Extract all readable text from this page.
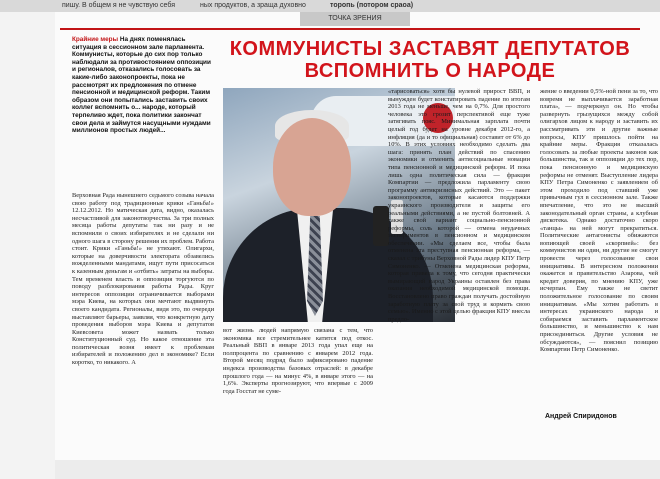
пишу. В общем я не чувствую себя	ных продуктов, а зраща духовно	торопь (потором сраоа)
ТОЧКА ЗРЕНИЯ
Крайние меры На днях поменялась ситуация в сессионном зале парламента. Коммунисты, которые до сих пор только наблюдали за противостоянием оппозиции и регионалов, отказались голосовать за какие-либо законопроекты, пока не рассмотрят их предложения по отмене пенсионной и медицинской реформ. Таким образом они попытались заставить своих коллег вспомнить о... народе, который терпеливо ждет, пока политики закончат свои дела и займутся насущными нуждами миллионов простых людей...
КОММУНИСТЫ ЗАСТАВЯТ ДЕПУТАТОВ ВСПОМНИТЬ О НАРОДЕ
Верховная Рада нынешнего седьмого созыва начала свою работу под традиционные крики «Ганьба!» 12.12.2012. Но матическая дата, видно, оказалась несчастливой для законотворчества. За три полных месяца работы депутаты так ни разу и не вспомнили о своих избирателях и не сделали ни одного шага в сторону решения их проблем. Работа стоит. Крики «Ганьба!» не утихают. Олигархи, которые на доверчивости электората обзавелись вожделенными мандатами, ищут пути присосаться к казенным деньгам и «отбить» затраты на выборы. Тем временем власть и оппозиция торгуются по поводу разблокирования работы Рады. Круг интересов оппозиции ограничивается выборами мэра Киева, на которых они мечтают выдвинуть своего кандидата. Регионалы, видя это, по очереди выставляют барьеры, заявляя, что конкретную дату проведения выборов мэра Киева и депутатов Киевсовета может назвать только Конституционный суд. Но какое отношение эта политическая возня имеет к проблемам избирателей и положению дел в экономике? Если коротко, то никакого. А
вот жизнь людей напрямую связана с тем, что экономика все стремительнее катится под откос. Реальный ВВП в январе 2013 года упал еще на полпроцента по сравнению с январем 2012 года. Второй месяц подряд было зафиксировано падение индекса производства базовых отраслей: в декабре прошлого года — на минус 4%, в январе этого — на 1,6%. Эксперты прогнозируют, что впервые с 2009 года Госстат не суме-
«тарисоваться» хотя бы нулевой прирост ВВП, и вынужден будет констатировать падение по итогам 2013 года не меньше, чем на 0,7%. Для простого человека это грозит перспективой еще туже затягивать пояс. Минимальная зарплата почти целый год будет на уровне декабря 2012-го, а инфляция (да и то официальная) составит от 6% до 10%. В этих условиях необходимо сделать два шага: принять план действий по спасению экономики и отменить антисоциальные новации типа пенсионной и медицинской реформ. И пока лишь одна политическая сила — фракция Компартии — предложила парламенту свою программу антикризисных действий. Это — пакет законопроектов, которые касаются поддержки украинского производителя и защиты его реальными действиями, а не пустой болтовней. А также свой вариант социально-пенсионной реформы, соль которой — отмена неудачных экспериментов в пенсионном и медицинском обеспечении. «Мы сделаем все, чтобы была отменена эта преступная пенсионная реформа, — сказал с трибуны Верховной Рады лидер КПУ Петр Симоненко. — Отменена медицинская реформа, которая привела к тому, что сегодня практически вымирающий народ Украины оставлен без права оказания необходимой медицинской помощи. Восстановлено право граждан получать достойную заработную плату за свой труд и кормить свою семью». Именно с этой целью фракция КПУ внесла предло-
жение о введении 0,5%-ной пени за то, что вовремя не выплачивается заработная плата», — подчеркнул он. Но чтобы развернуть грызущихся между собой олигархов лицом к народу и заставить их рассматривать эти и другие важные вопросы, КПУ пришлось пойти на крайние меры. Фракция отказалась голосовать за любые проекты законов как большинства, так и оппозиции до тех пор, пока пенсионную и медицинскую реформы не отменят. Выступление лидера КПУ Петра Симоненко с заявлением об этом проходило под ставший уже привычным гул в сессионном зале. Также впечатление, что это не высший законодательный орган страны, а клубная дискотека. Однако достаточно скоро «танцы» на ней могут прекратиться. Политические антагонисты обижаются вопиющей своей «скорпией»: без коммунистов ни один, ни другие не смогут провести через голосование свои инициативы. В интересном положении окажется и правительство Азарова, чей кредит доверия, по мнению КПУ, уже исчерпан. Ему также не светит положительное голосование по своим инициативам. «Мы хотим работать в интересах украинского народа и собираемся заставить парламентское большинство, и меньшинство к нам присоединиться. Другие условия не обсуждаются», — пояснил позицию Компартии Петр Симоненко.
Андрей Спиридонов
